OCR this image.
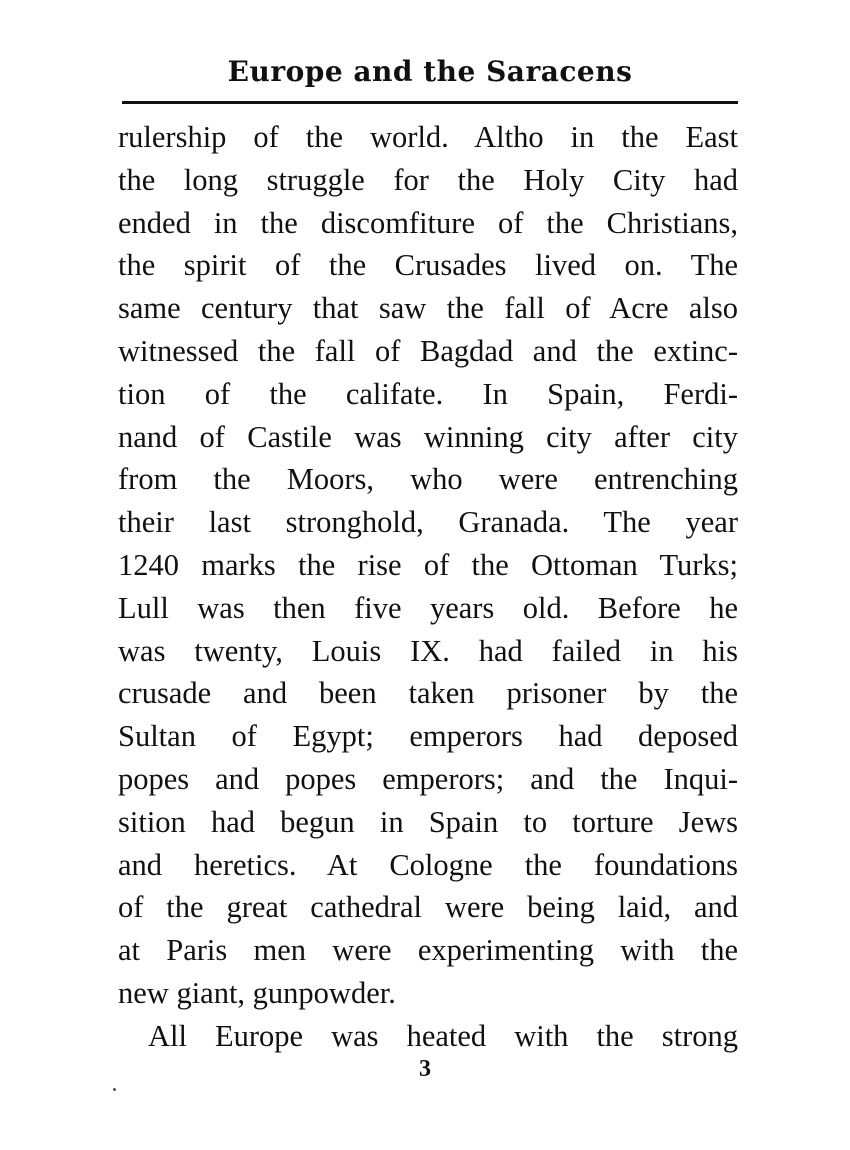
Europe and the Saracens
rulership of the world. Altho in the East
the long struggle for the Holy City had
ended in the discomfiture of the Christians,
the spirit of the Crusades lived on. The
same century that saw the fall of Acre also
witnessed the fall of Bagdad and the extinc-
tion of the califate. In Spain, Ferdi-
nand of Castile was winning city after city
from the Moors, who were entrenching
their last stronghold, Granada. The year
1240 marks the rise of the Ottoman Turks;
Lull was then five years old. Before he
was twenty, Louis IX. had failed in his
crusade and been taken prisoner by the
Sultan of Egypt; emperors had deposed
popes and popes emperors; and the Inqui-
sition had begun in Spain to torture Jews
and heretics. At Cologne the foundations
of the great cathedral were being laid, and
at Paris men were experimenting with the
new giant, gunpowder.
All Europe was heated with the strong
3
